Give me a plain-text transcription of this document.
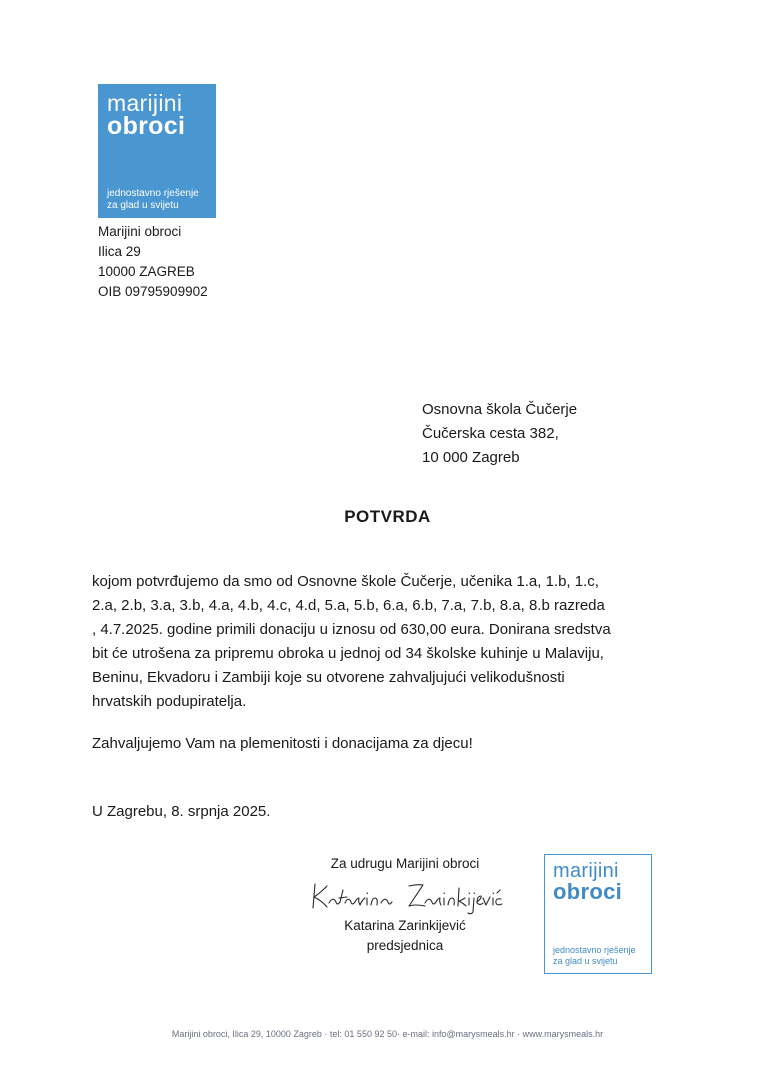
marijini
obroci
jednostavno rješenje
za glad u svijetu
Marijini obroci
Ilica 29
10000 ZAGREB
OIB 09795909902
Osnovna škola Čučerje
Čučerska cesta 382,
10 000 Zagreb
POTVRDA
kojom potvrđujemo da smo od Osnovne škole Čučerje, učenika 1.a, 1.b, 1.c,
2.a, 2.b, 3.a, 3.b, 4.a, 4.b, 4.c, 4.d, 5.a, 5.b, 6.a, 6.b, 7.a, 7.b, 8.a, 8.b razreda
, 4.7.2025. godine primili donaciju u iznosu od 630,00 eura. Donirana sredstva
bit će utrošena za pripremu obroka u jednoj od 34 školske kuhinje u Malaviju,
Beninu, Ekvadoru i Zambiji koje su otvorene zahvaljujući velikodušnosti
hrvatskih podupiratelja.
Zahvaljujemo Vam na plemenitosti i donacijama za djecu!
U Zagrebu, 8. srpnja 2025.
Za udrugu Marijini obroci
Katarina Zarinkijević
predsjednica
marijini
obroci
jednostavno rješenje
za glad u svijetu
Marijini obroci, Ilica 29, 10000 Zagreb · tel: 01 550 92 50· e-mail: info@marysmeals.hr · www.marysmeals.hr
